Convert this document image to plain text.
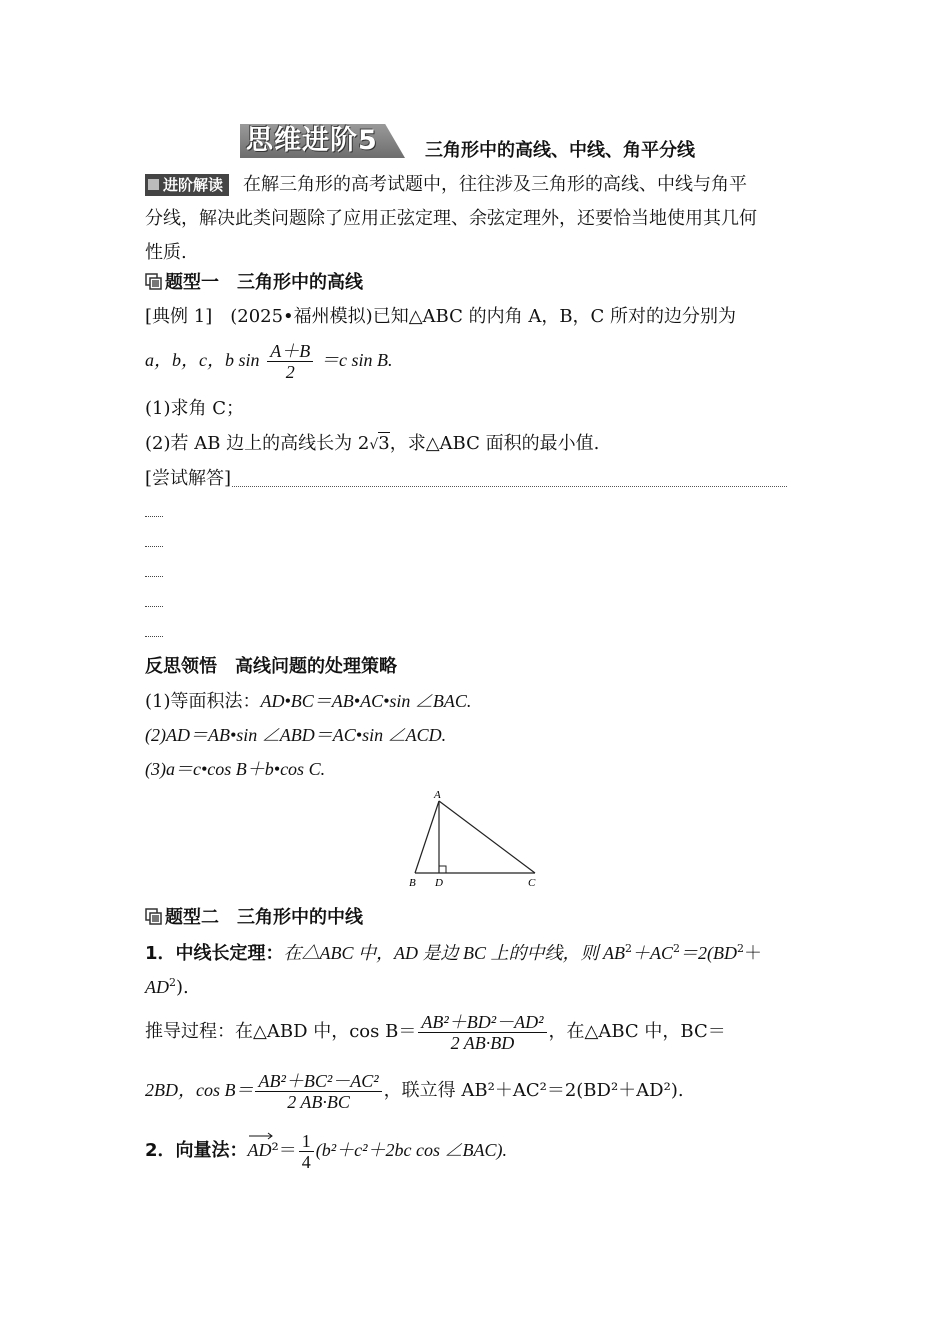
思维进阶5	三角形中的高线、中线、角平分线
进阶解读 在解三角形的高考试题中，往往涉及三角形的高线、中线与角平
分线，解决此类问题除了应用正弦定理、余弦定理外，还要恰当地使用其几何
性质.
题型一　 三角形中的高线
[典例 1]　 (2025•福州模拟)已知△ABC 的内角 A，B，C 所对的边分别为
a，b，c，b $\sin \frac{A+B}{2} =c$ sin B.
(1)求角 C；
(2)若 AB 边上的高线长为 2√3，求△ABC 面积的最小值.
[尝试解答]
反思领悟　高线问题的处理策略
(1)等面积法：AD•BC＝AB•AC•sin ∠BAC.
(2)AD＝AB•sin ∠ABD＝AC•sin ∠ACD.
(3)a＝c•cos B＋b•cos C.
A
B D	C
题型二　 三角形中的中线
1．中线长定理：在△ABC 中，AD 是边 BC 上的中线，则 $AB^2+AC^2=2(BD^2+$
$AD^2$).
推导过程：在△ABD 中，$\cos B= \frac{\text{AB²＋BD²－AD²}}{2 AB\cdot BD}$ ，在△ABC 中，BC＝
2BD，$\cos B= \frac{\text{AB²＋BC²－AC²}}{2 AB\cdot BC}$ ，联立得 AB²＋AC²＝2(BD²＋AD²).
2．向量法：
$AD^2= \frac{1}{4} (b^2+c^2+2bc$ cos ∠BAC).
